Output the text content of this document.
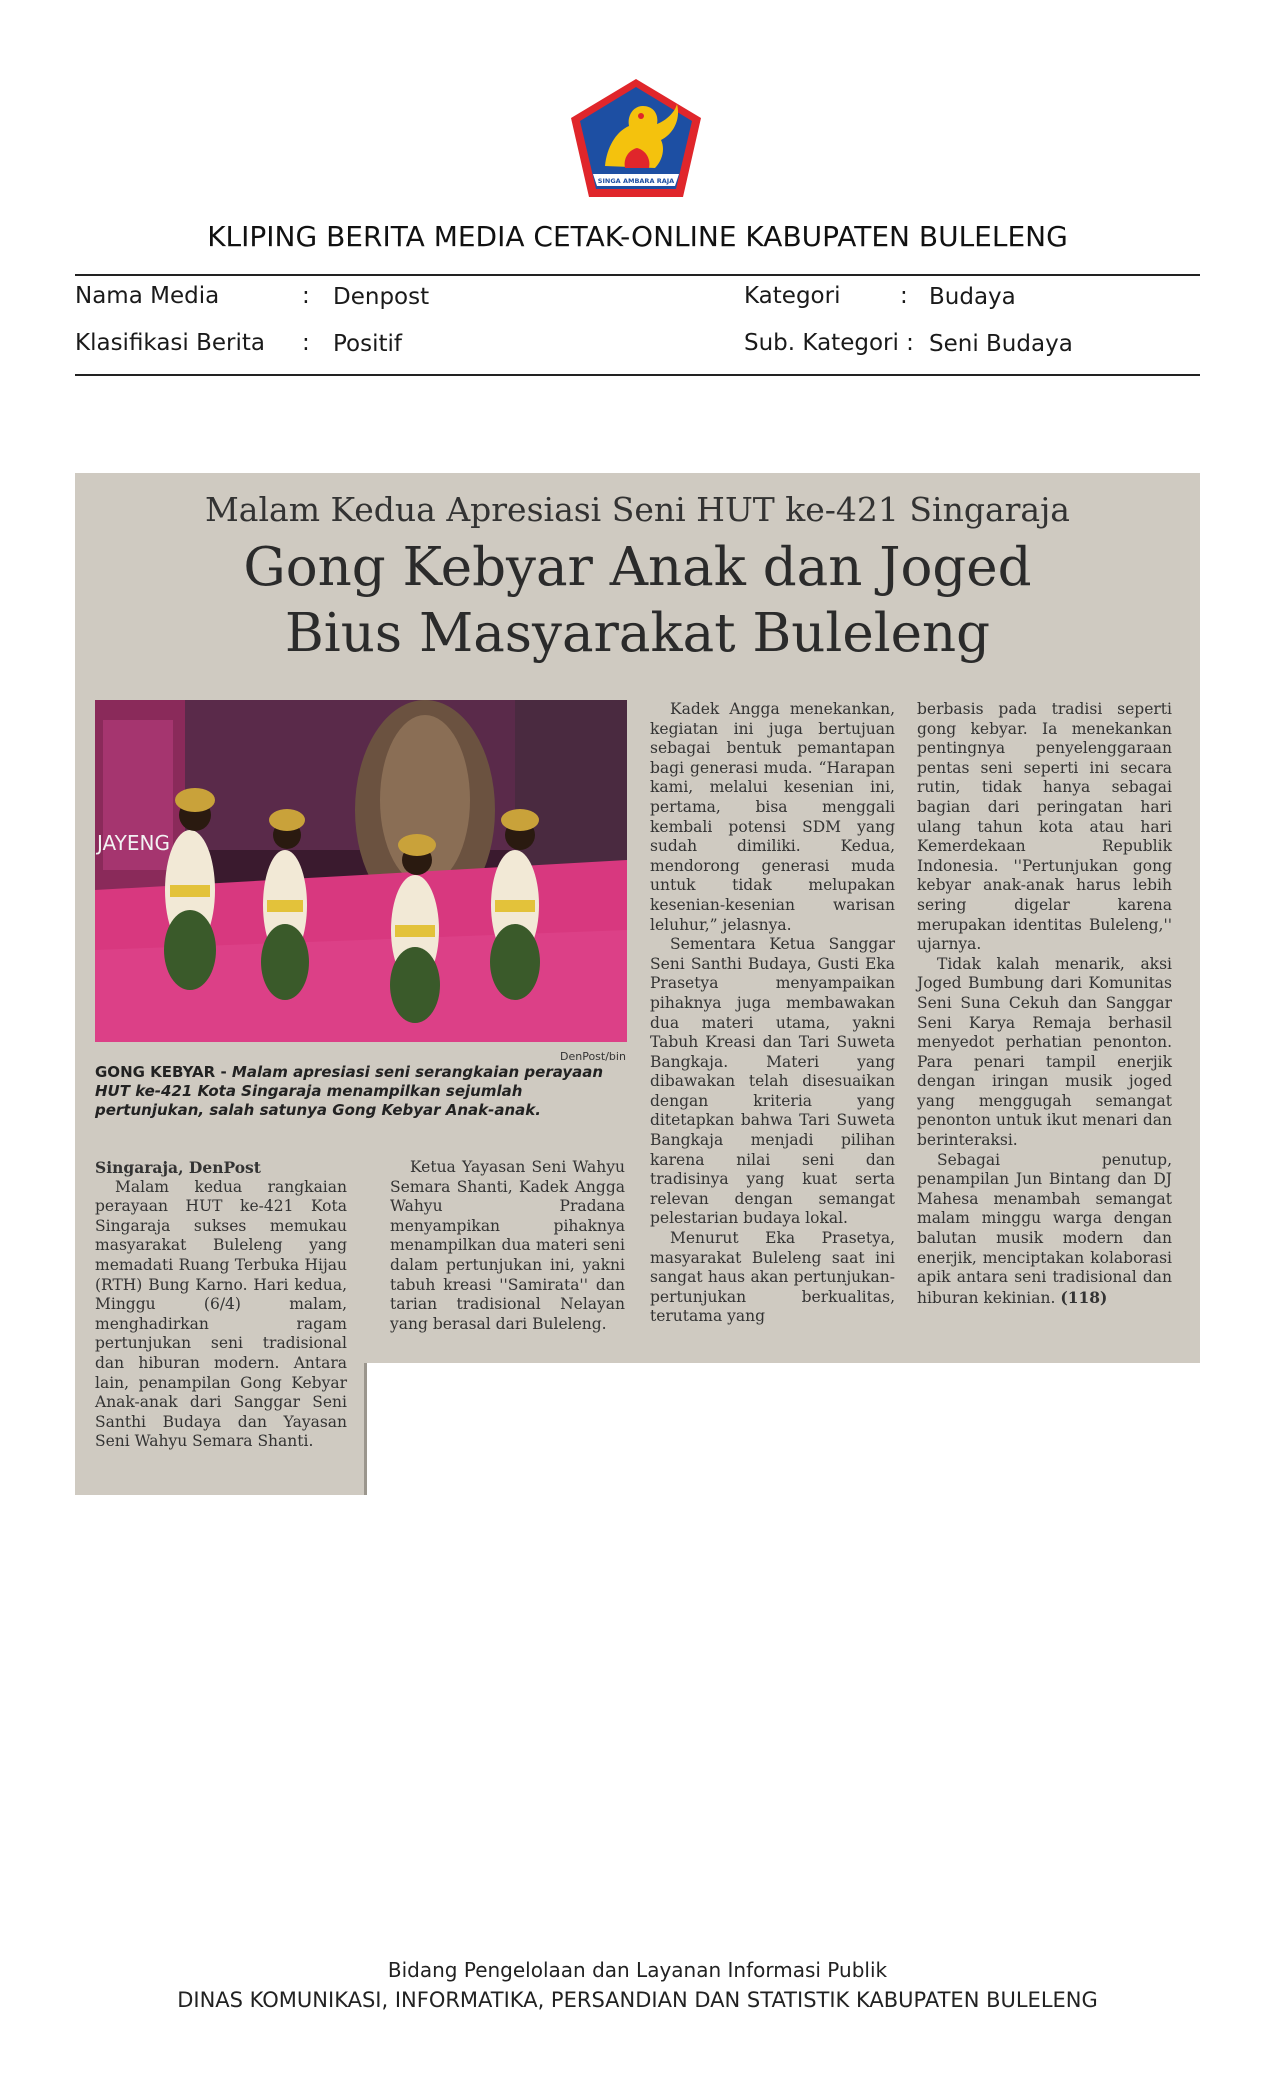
SINGA AMBARA RAJA
KLIPING BERITA MEDIA CETAK-ONLINE KABUPATEN BULELENG
Nama Media	: Denpost	Kategori	: Budaya
Klasifikasi Berita : Positif	Sub. Kategori : Seni Budaya
Malam Kedua Apresiasi Seni HUT ke-421 Singaraja
Gong Kebyar Anak dan Joged
Bius Masyarakat Buleleng
JAYENG
DenPost/bin
GONG KEBYAR - Malam apresiasi seni serangkaian perayaan HUT ke-421 Kota Singaraja menampilkan sejumlah pertunjukan, salah satunya Gong Kebyar Anak-anak.

Singaraja, DenPost

Malam kedua rangkaian perayaan HUT ke-421 Kota Singaraja sukses memukau masyarakat Buleleng yang memadati Ruang Terbuka Hijau (RTH) Bung Karno. Hari kedua, Minggu (6/4) malam, menghadirkan ragam pertunjukan seni tradisional dan hiburan modern. Antara lain, penampilan Gong Kebyar Anak-anak dari Sanggar Seni Santhi Budaya dan Yayasan Seni Wahyu Semara Shanti.

Ketua Yayasan Seni Wahyu Semara Shanti, Kadek Angga Wahyu Pradana menyampikan pihaknya menampilkan dua materi seni dalam pertunjukan ini, yakni tabuh kreasi ''Samirata'' dan tarian tradisional Nelayan yang berasal dari Buleleng.

Kadek Angga menekankan, kegiatan ini juga bertujuan sebagai bentuk pemantapan bagi generasi muda. “Harapan kami, melalui kesenian ini, pertama, bisa menggali kembali potensi SDM yang sudah dimiliki. Kedua, mendorong generasi muda untuk tidak melupakan kesenian-kesenian warisan leluhur,” jelasnya.

Sementara Ketua Sanggar Seni Santhi Budaya, Gusti Eka Prasetya menyampaikan pihaknya juga membawakan dua materi utama, yakni Tabuh Kreasi dan Tari Suweta Bangkaja. Materi yang dibawakan telah disesuaikan dengan kriteria yang ditetapkan bahwa Tari Suweta Bangkaja menjadi pilihan karena nilai seni dan tradisinya yang kuat serta relevan dengan semangat pelestarian budaya lokal.

Menurut Eka Prasetya, masyarakat Buleleng saat ini sangat haus akan pertunjukan-pertunjukan berkualitas, terutama yang

berbasis pada tradisi seperti gong kebyar. Ia menekankan pentingnya penyelenggaraan pentas seni seperti ini secara rutin, tidak hanya sebagai bagian dari peringatan hari ulang tahun kota atau hari Kemerdekaan Republik Indonesia. ''Pertunjukan gong kebyar anak-anak harus lebih sering digelar karena merupakan identitas Buleleng,'' ujarnya.

Tidak kalah menarik, aksi Joged Bumbung dari Komunitas Seni Suna Cekuh dan Sanggar Seni Karya Remaja berhasil menyedot perhatian penonton. Para penari tampil enerjik dengan iringan musik joged yang menggugah semangat penonton untuk ikut menari dan berinteraksi.

Sebagai penutup, penampilan Jun Bintang dan DJ Mahesa menambah semangat malam minggu warga dengan balutan musik modern dan enerjik, menciptakan kolaborasi apik antara seni tradisional dan hiburan kekinian. (118)

Bidang Pengelolaan dan Layanan Informasi Publik
DINAS KOMUNIKASI, INFORMATIKA, PERSANDIAN DAN STATISTIK KABUPATEN BULELENG
